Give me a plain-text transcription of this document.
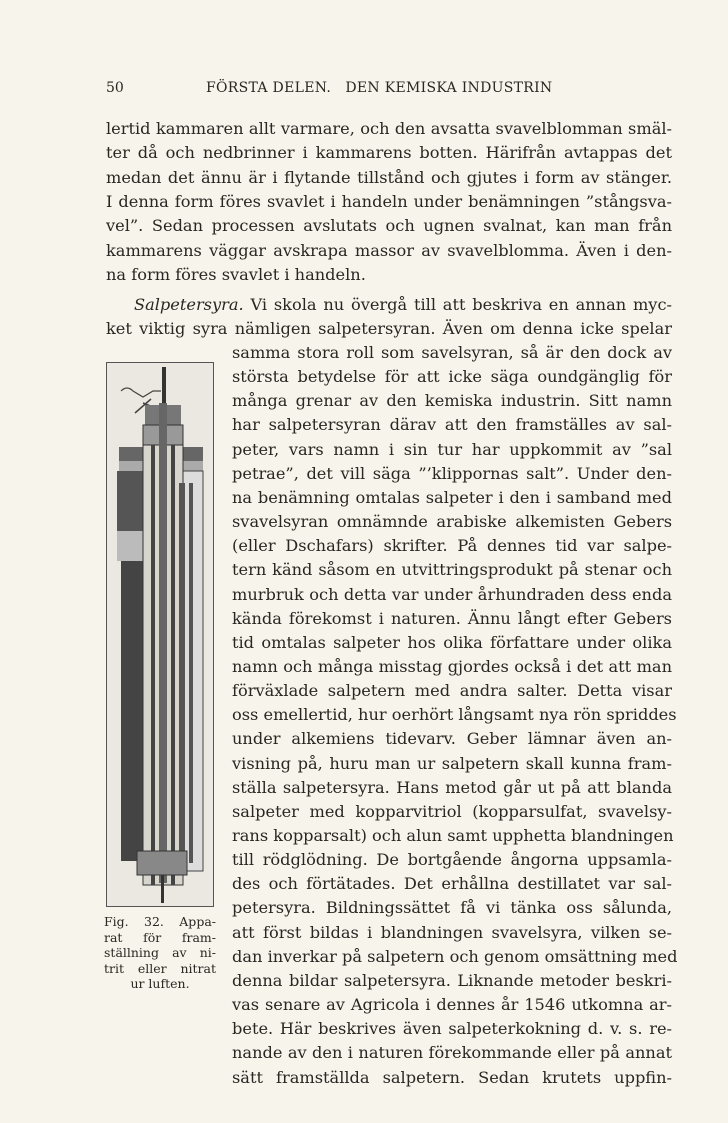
50	FÖRSTA DELEN.   DEN KEMISKA INDUSTRIN
lertid kammaren allt varmare, och den avsatta svavelblomman smäl-
ter då och nedbrinner i kammarens botten. Härifrån avtappas det
medan det ännu är i flytande tillstånd och gjutes i form av stänger.
I denna form föres svavlet i handeln under benämningen ”stångsva-
vel”. Sedan processen avslutats och ugnen svalnat, kan man från
kammarens väggar avskrapa massor av svavelblomma. Även i den-
na form föres svavlet i handeln.
Salpetersyra. Vi skola nu övergå till att beskriva en annan myc-
ket viktig syra nämligen salpetersyran. Även om denna icke spelar
samma stora roll som savelsyran, så är den dock av
största betydelse för att icke säga oundgänglig för
många grenar av den kemiska industrin. Sitt namn
har salpetersyran därav att den framställes av sal-
peter, vars namn i sin tur har uppkommit av ”sal
petrae”, det vill säga ”’klippornas salt”. Under den-
na benämning omtalas salpeter i den i samband med
svavelsyran omnämnde arabiske alkemisten Gebers
(eller Dschafars) skrifter. På dennes tid var salpe-
tern känd såsom en utvittringsprodukt på stenar och
murbruk och detta var under århundraden dess enda
kända förekomst i naturen. Ännu långt efter Gebers
tid omtalas salpeter hos olika författare under olika
namn och många misstag gjordes också i det att man
förväxlade salpetern med andra salter. Detta visar
oss emellertid, hur oerhört långsamt nya rön spriddes
under alkemiens tidevarv. Geber lämnar även an-
visning på, huru man ur salpetern skall kunna fram-
ställa salpetersyra. Hans metod går ut på att blanda
salpeter med kopparvitriol (kopparsulfat, svavelsy-
rans kopparsalt) och alun samt upphetta blandningen
till rödglödning. De bortgående ångorna uppsamla-
des och förtätades. Det erhållna destillatet var sal-
petersyra. Bildningssättet få vi tänka oss sålunda,
att först bildas i blandningen svavelsyra, vilken se-
dan inverkar på salpetern och genom omsättning med
denna bildar salpetersyra. Liknande metoder beskri-
vas senare av Agricola i dennes år 1546 utkomna ar-
bete. Här beskrives även salpeterkokning d. v. s. re-
nande av den i naturen förekommande eller på annat
sätt framställda salpetern. Sedan krutets uppfin-
Fig. 32. Appa-
rat för fram-
ställning av ni-
trit eller nitrat
ur luften.
